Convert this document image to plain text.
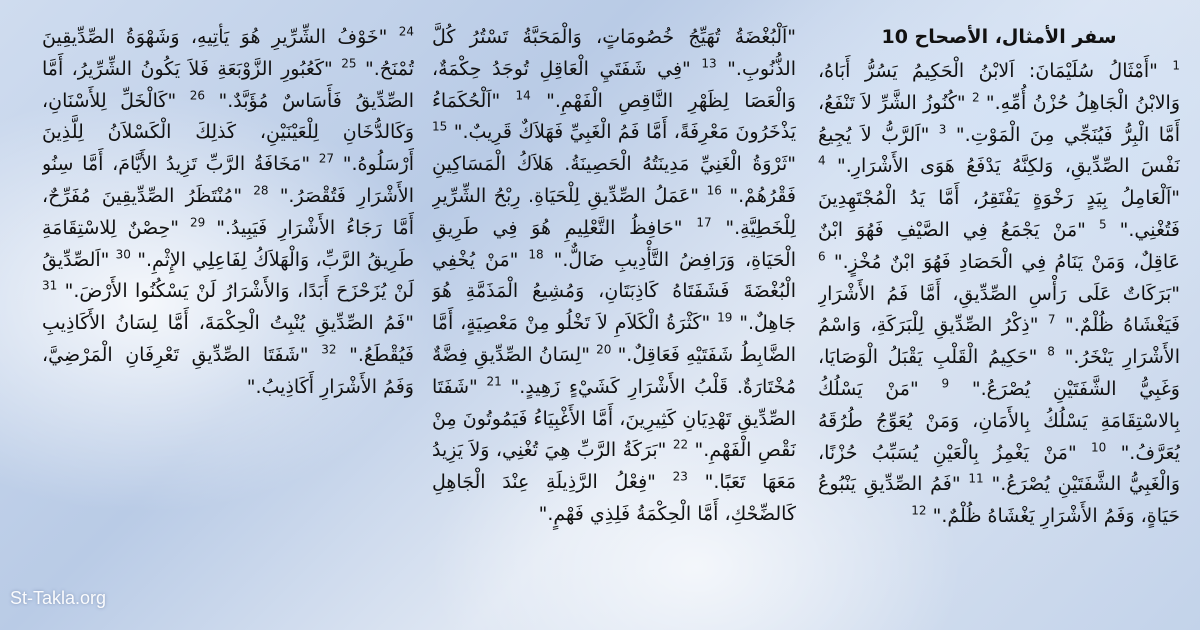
سفر الأمثال، الأصحاح 10
$^1$ "أَمْثَالُ سُلَيْمَانَ: اَلابْنُ الْحَكِيمُ يَسُرُّ أَبَاهُ، وَالابْنُ الْجَاهِلُ حُزْنُ أُمِّهِ." $^2$ "كُنُوزُ الشَّرِّ لاَ تَنْفَعُ، أَمَّا الْبِرُّ فَيُنَجِّي مِنَ الْمَوْتِ." $^3$ "اَلرَّبُّ لاَ يُجِيعُ نَفْسَ الصِّدِّيقِ، وَلكِنَّهُ يَدْفَعُ هَوَى الأَشْرَارِ." $^4$ "اَلْعَامِلُ بِيَدٍ رَخْوَةٍ يَفْتَقِرُ، أَمَّا يَدُ الْمُجْتَهِدِينَ فَتُغْنِي." $^5$ "مَنْ يَجْمَعُ فِي الصَّيْفِ فَهُوَ ابْنٌ عَاقِلٌ، وَمَنْ يَنَامُ فِي الْحَصَادِ فَهُوَ ابْنٌ مُخْزٍ." $^6$ "بَرَكَاتٌ عَلَى رَأْسِ الصِّدِّيقِ، أَمَّا فَمُ الأَشْرَارِ فَيَغْشَاهُ ظُلْمٌ." $^7$ "ذِكْرُ الصِّدِّيقِ لِلْبَرَكَةِ، وَاسْمُ الأَشْرَارِ يَنْخَرُ." $^8$ "حَكِيمُ الْقَلْبِ يَقْبَلُ الْوَصَايَا، وَغَبِيُّ الشَّفَتَيْنِ يُصْرَعُ." $^9$ "مَنْ يَسْلُكُ بِالاسْتِقَامَةِ يَسْلُكُ بِالأَمَانِ، وَمَنْ يُعَوِّجُ طُرُقَهُ يُعَرَّفُ." $^{10}$ "مَنْ يَغْمِزُ بِالْعَيْنِ يُسَبِّبُ حُزْنًا، وَالْغَبِيُّ الشَّفَتَيْنِ يُصْرَعُ." $^{11}$ "فَمُ الصِّدِّيقِ يَنْبُوعُ حَيَاةٍ، وَفَمُ الأَشْرَارِ يَغْشَاهُ ظُلْمٌ." $^{12}$
"اَلْبُغْضَةُ تُهَيِّجُ خُصُومَاتٍ، وَالْمَحَبَّةُ تَسْتُرُ كُلَّ الذُّنُوبِ." $^{13}$ "فِي شَفَتَيِ الْعَاقِلِ تُوجَدُ حِكْمَةٌ، وَالْعَصَا لِظَهْرِ النَّاقِصِ الْفَهْمِ." $^{14}$ "اَلْحُكَمَاءُ يَذْخَرُونَ مَعْرِفَةً، أَمَّا فَمُ الْغَبِيِّ فَهَلاَكٌ قَرِيبٌ." $^{15}$ "ثَرْوَةُ الْغَنِيِّ مَدِينَتُهُ الْحَصِينَةُ. هَلاَكُ الْمَسَاكِينِ فَقْرُهُمْ." $^{16}$ "عَمَلُ الصِّدِّيقِ لِلْحَيَاةِ. رِبْحُ الشِّرِّيرِ لِلْخَطِيَّةِ." $^{17}$ "حَافِظُ التَّعْلِيمِ هُوَ فِي طَرِيقِ الْحَيَاةِ، وَرَافِضُ التَّأْدِيبِ ضَالٌّ." $^{18}$ "مَنْ يُخْفِي الْبُغْضَةَ فَشَفَتَاهُ كَاذِبَتَانِ، وَمُشِيعُ الْمَذَمَّةِ هُوَ جَاهِلٌ." $^{19}$ "كَثْرَةُ الْكَلاَمِ لاَ تَخْلُو مِنْ مَعْصِيَةٍ، أَمَّا الضَّابِطُ شَفَتَيْهِ فَعَاقِلٌ." $^{20}$ "لِسَانُ الصِّدِّيقِ فِضَّةٌ مُخْتَارَةٌ. قَلْبُ الأَشْرَارِ كَشَيْءٍ زَهِيدٍ." $^{21}$ "شَفَتَا الصِّدِّيقِ تَهْدِيَانِ كَثِيرِينَ، أَمَّا الأَغْبِيَاءُ فَيَمُوتُونَ مِنْ نَقْصِ الْفَهْمِ." $^{22}$ "بَرَكَةُ الرَّبِّ هِيَ تُغْنِي، وَلاَ يَزِيدُ مَعَهَا تَعَبًا." $^{23}$ "فِعْلُ الرَّذِيلَةِ عِنْدَ الْجَاهِلِ كَالضِّحْكِ، أَمَّا الْحِكْمَةُ فَلِذِي فَهْمٍ."
$^{24}$ "خَوْفُ الشِّرِّيرِ هُوَ يَأْتِيهِ، وَشَهْوَةُ الصِّدِّيقِينَ تُمْنَحُ." $^{25}$ "كَعُبُورِ الزَّوْبَعَةِ فَلاَ يَكُونُ الشِّرِّيرُ، أَمَّا الصِّدِّيقُ فَأَسَاسٌ مُؤَبَّدٌ." $^{26}$ "كَالْخَلِّ لِلأَسْنَانِ، وَكَالدُّخَانِ لِلْعَيْنَيْنِ، كَذلِكَ الْكَسْلاَنُ لِلَّذِينَ أَرْسَلُوهُ." $^{27}$ "مَخَافَةُ الرَّبِّ تَزِيدُ الأَيَّامَ، أَمَّا سِنُو الأَشْرَارِ فَتُقْصَرُ." $^{28}$ "مُنْتَظَرُ الصِّدِّيقِينَ مُفَرِّحٌ، أَمَّا رَجَاءُ الأَشْرَارِ فَيَبِيدُ." $^{29}$ "حِصْنٌ لِلاسْتِقَامَةِ طَرِيقُ الرَّبِّ، وَالْهَلاَكُ لِفَاعِلِي الإِثْمِ." $^{30}$ "اَلصِّدِّيقُ لَنْ يُزَحْزَحَ أَبَدًا، وَالأَشْرَارُ لَنْ يَسْكُنُوا الأَرْضَ." $^{31}$ "فَمُ الصِّدِّيقِ يُنْبِتُ الْحِكْمَةَ، أَمَّا لِسَانُ الأَكَاذِيبِ فَيُقْطَعُ." $^{32}$ "شَفَتَا الصِّدِّيقِ تَعْرِفَانِ الْمَرْضِيَّ، وَفَمُ الأَشْرَارِ أَكَاذِيبُ."
St-Takla.org
